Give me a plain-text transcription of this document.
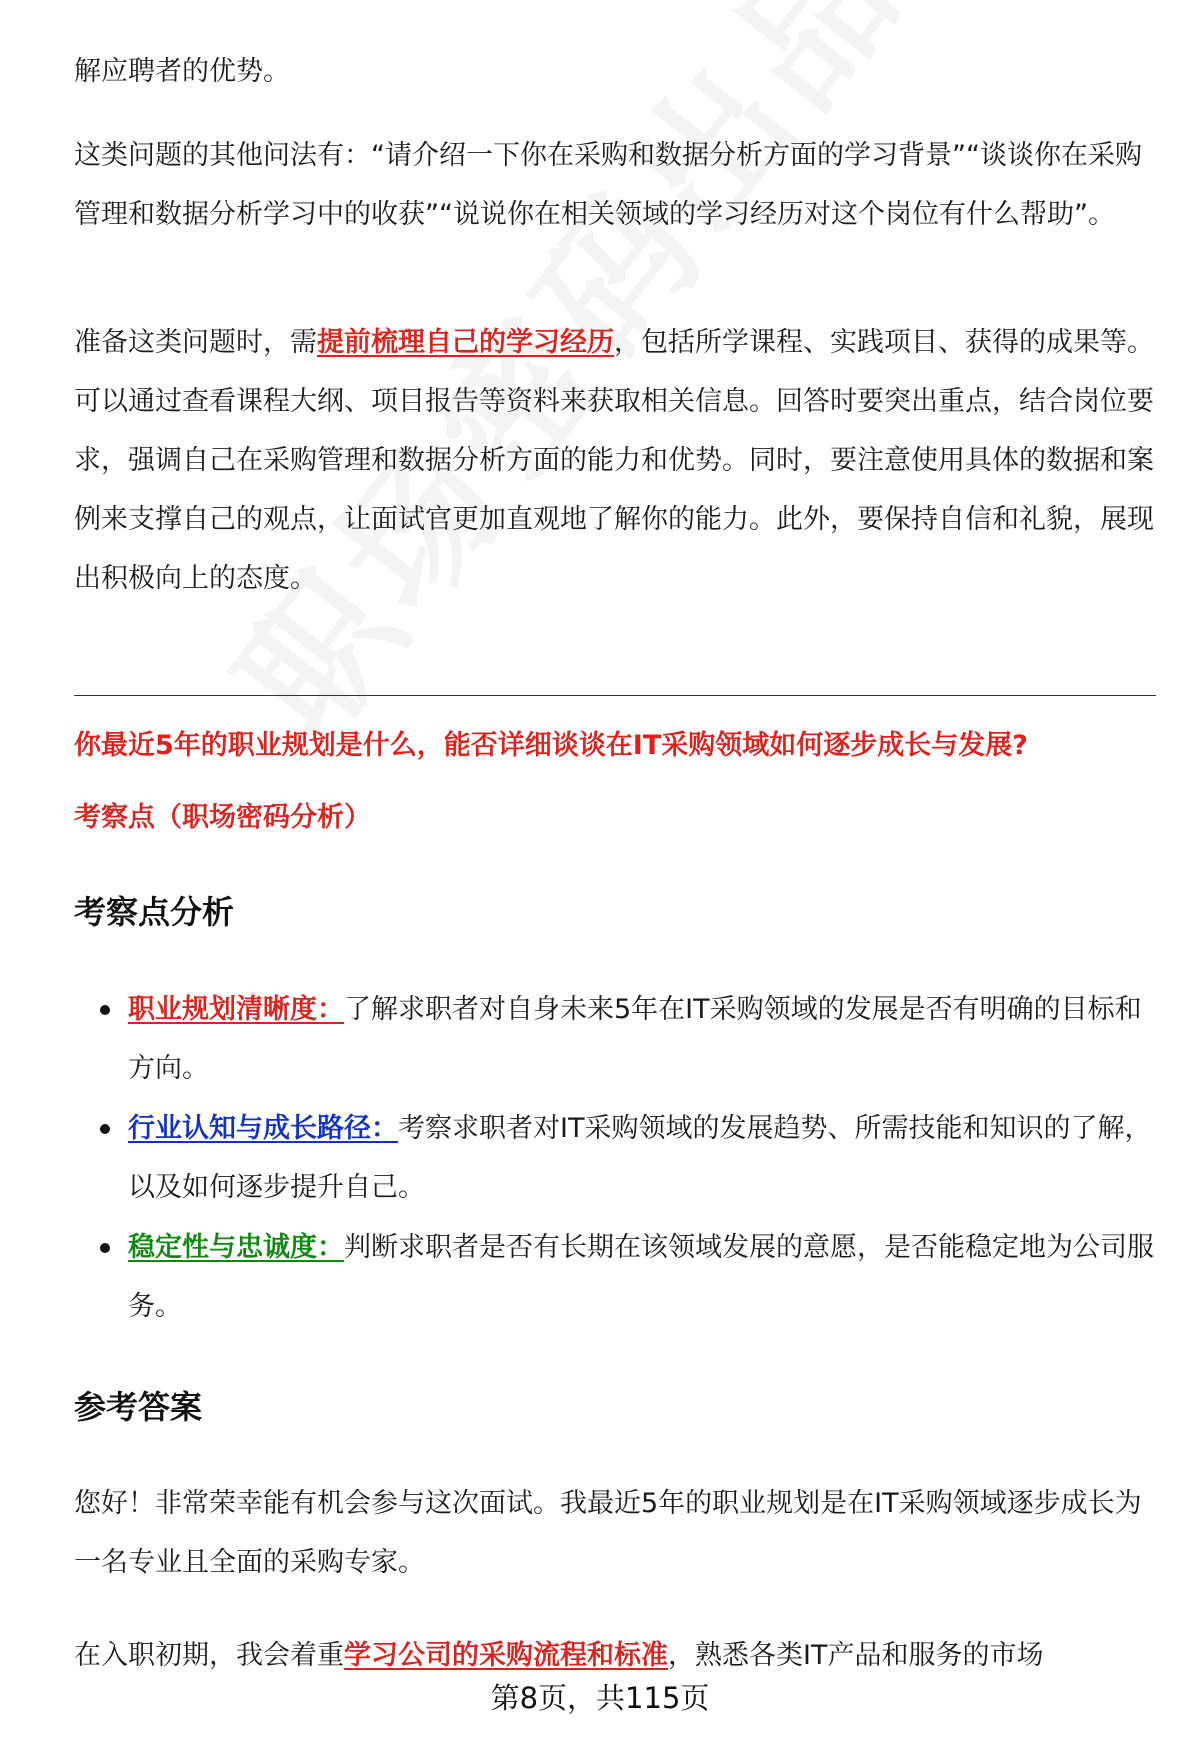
解应聘者的优势。

这类问题的其他问法有：“请介绍一下你在采购和数据分析方面的学习背景”“谈谈你在采购管理和数据分析学习中的收获”“说说你在相关领域的学习经历对这个岗位有什么帮助”。

准备这类问题时，需提前梳理自己的学习经历，包括所学课程、实践项目、获得的成果等。可以通过查看课程大纲、项目报告等资料来获取相关信息。回答时要突出重点，结合岗位要求，强调自己在采购管理和数据分析方面的能力和优势。同时，要注意使用具体的数据和案例来支撑自己的观点，让面试官更加直观地了解你的能力。此外，要保持自信和礼貌，展现出积极向上的态度。

你最近5年的职业规划是什么，能否详细谈谈在IT采购领域如何逐步成长与发展?

考察点（职场密码分析）

考察点分析
职业规划清晰度：了解求职者对自身未来5年在IT采购领域的发展是否有明确的目标和方向。
行业认知与成长路径：考察求职者对IT采购领域的发展趋势、所需技能和知识的了解，以及如何逐步提升自己。
稳定性与忠诚度：判断求职者是否有长期在该领域发展的意愿，是否能稳定地为公司服务。
参考答案

您好！非常荣幸能有机会参与这次面试。我最近5年的职业规划是在IT采购领域逐步成长为一名专业且全面的采购专家。

在入职初期，我会着重学习公司的采购流程和标准，熟悉各类IT产品和服务的市场

第8页，共115页
